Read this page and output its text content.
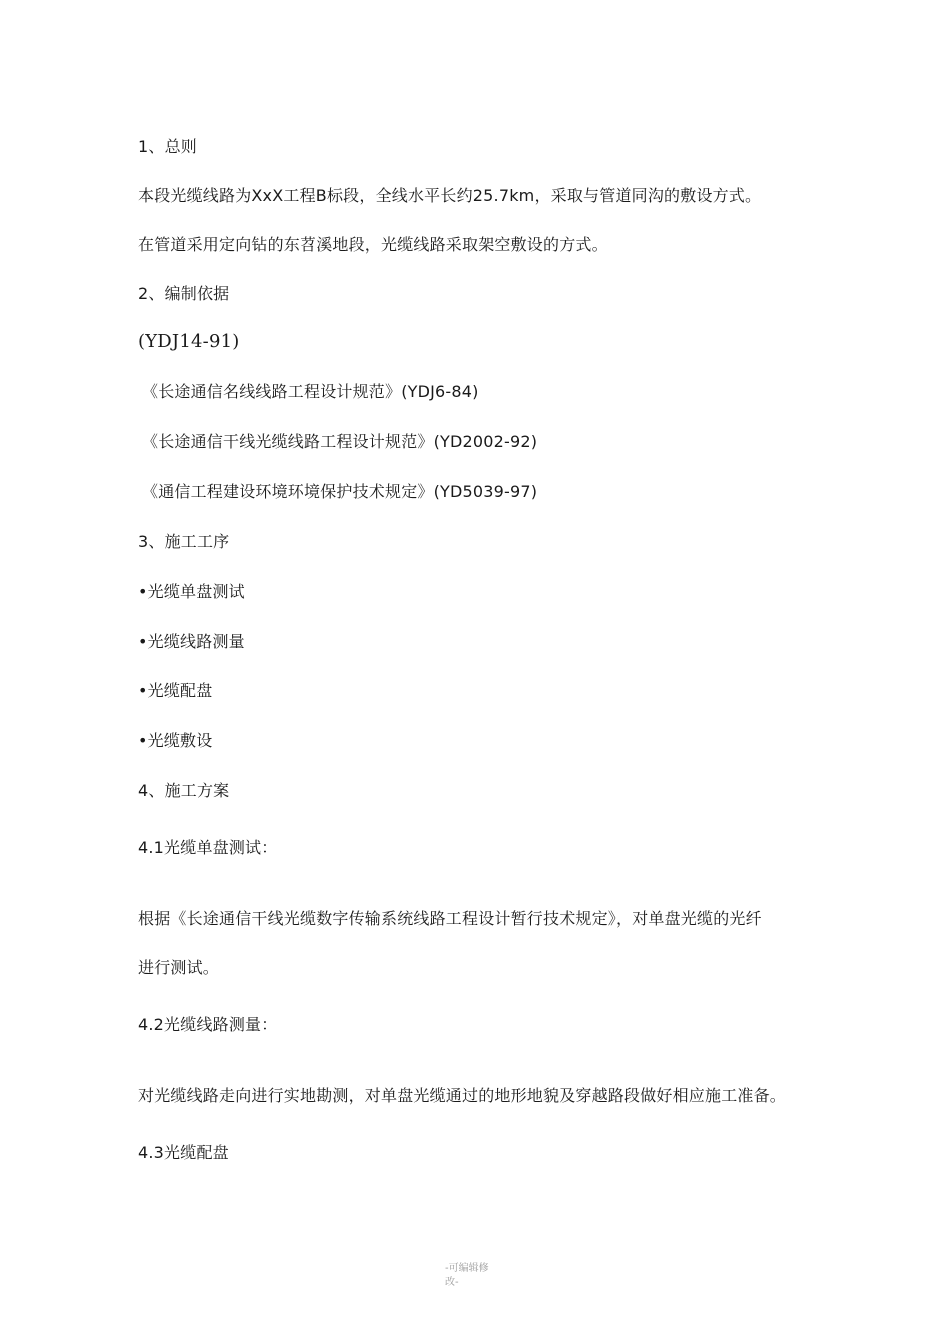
1、总则
本段光缆线路为XxX工程B标段，全线水平长约25.7km，采取与管道同沟的敷设方式。
在管道采用定向钻的东苕溪地段，光缆线路采取架空敷设的方式。
2、编制依据
(YDJ14-91)
《长途通信名线线路工程设计规范》(YDJ6-84)
《长途通信干线光缆线路工程设计规范》(YD2002-92)
《通信工程建设环境环境保护技术规定》(YD5039-97)
3、施工工序
•光缆单盘测试
•光缆线路测量
•光缆配盘
•光缆敷设
4、施工方案
4.1光缆单盘测试：
根据《长途通信干线光缆数字传输系统线路工程设计暂行技术规定》，对单盘光缆的光纤
进行测试。
4.2光缆线路测量：
对光缆线路走向进行实地勘测，对单盘光缆通过的地形地貌及穿越路段做好相应施工准备。
4.3光缆配盘
-可编辑修
改-
